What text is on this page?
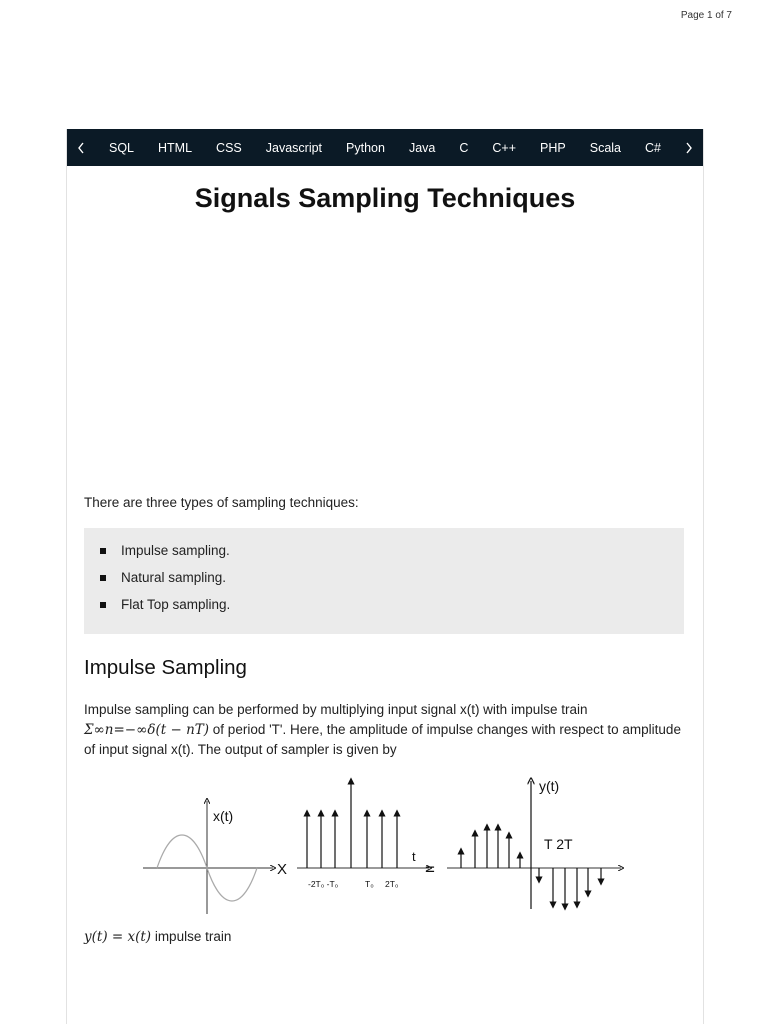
Page 1 of 7
SQL	HTML	CSS	Javascript	Python	Java	C	C++	PHP	Scala	C#
Signals Sampling Techniques
There are three types of sampling techniques:
Impulse sampling.
Natural sampling.
Flat Top sampling.
Impulse Sampling
Impulse sampling can be performed by multiplying input signal x(t) with impulse train
Σ∞n=−∞δ(t − nT) of period 'T'. Here, the amplitude of impulse changes with respect to amplitude of input signal x(t). The output of sampler is given by
x(t)
X
t
-2T₀ -T₀	T₀ 2T₀
=
y(t)
T 2T
y(t) = x(t) impulse train
